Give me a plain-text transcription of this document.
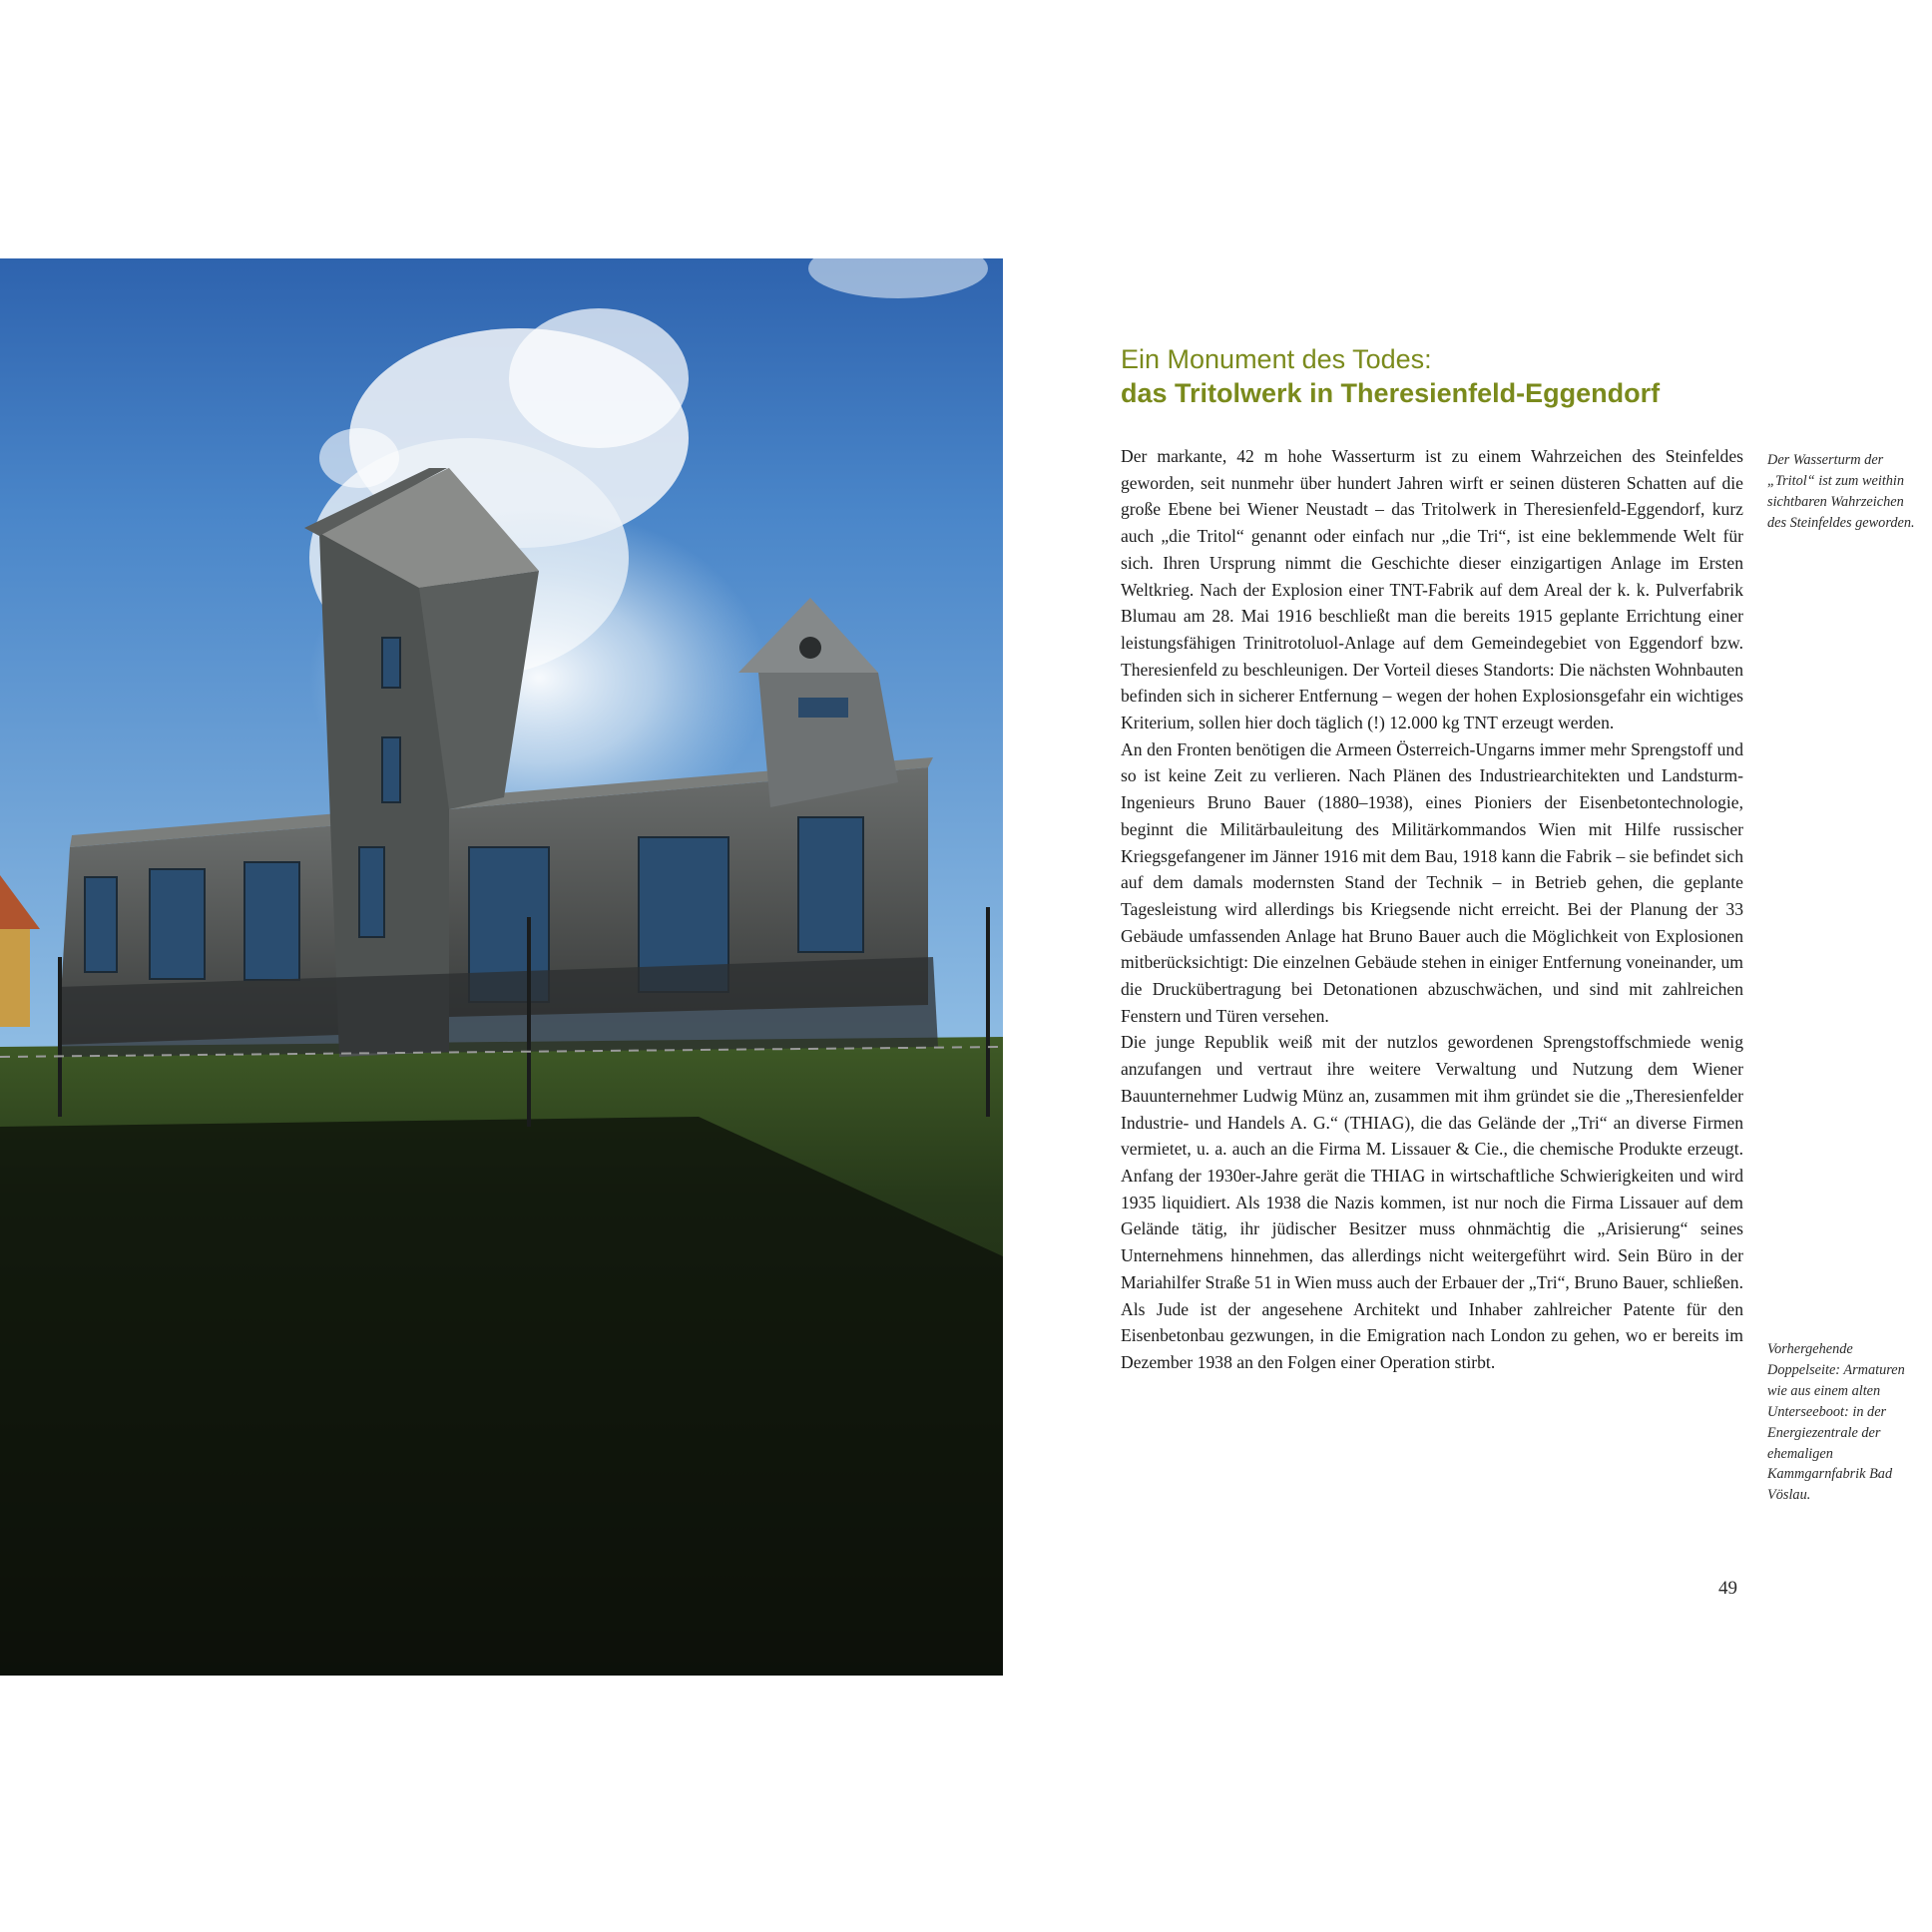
Ein Monument des Todes:
das Tritolwerk in Theresienfeld-Eggendorf

Der markante, 42 m hohe Wasserturm ist zu einem Wahrzeichen des Steinfeldes geworden, seit nunmehr über hundert Jahren wirft er seinen düsteren Schatten auf die große Ebene bei Wiener Neustadt – das Tritolwerk in Theresienfeld-Eggendorf, kurz auch „die Tritol“ genannt oder einfach nur „die Tri“, ist eine beklemmende Welt für sich. Ihren Ursprung nimmt die Geschichte dieser einzigartigen Anlage im Ersten Weltkrieg. Nach der Explosion einer TNT-Fabrik auf dem Areal der k. k. Pulverfabrik Blumau am 28. Mai 1916 beschließt man die bereits 1915 geplante Errichtung einer leistungsfähigen Trinitrotoluol-Anlage auf dem Gemeindegebiet von Eggendorf bzw. Theresienfeld zu beschleunigen. Der Vorteil dieses Standorts: Die nächsten Wohnbauten befinden sich in sicherer Entfernung – wegen der hohen Explosionsgefahr ein wichtiges Kriterium, sollen hier doch täglich (!) 12.000 kg TNT erzeugt werden.

An den Fronten benötigen die Armeen Österreich-Ungarns immer mehr Sprengstoff und so ist keine Zeit zu verlieren. Nach Plänen des Industriearchitekten und Landsturm-Ingenieurs Bruno Bauer (1880–1938), eines Pioniers der Eisenbetontechnologie, beginnt die Militärbauleitung des Militärkommandos Wien mit Hilfe russischer Kriegsgefangener im Jänner 1916 mit dem Bau, 1918 kann die Fabrik – sie befindet sich auf dem damals modernsten Stand der Technik – in Betrieb gehen, die geplante Tagesleistung wird allerdings bis Kriegsende nicht erreicht. Bei der Planung der 33 Gebäude umfassenden Anlage hat Bruno Bauer auch die Möglichkeit von Explosionen mitberücksichtigt: Die einzelnen Gebäude stehen in einiger Entfernung voneinander, um die Druckübertragung bei Detonationen abzuschwächen, und sind mit zahlreichen Fenstern und Türen versehen.

Die junge Republik weiß mit der nutzlos gewordenen Sprengstoffschmiede wenig anzufangen und vertraut ihre weitere Verwaltung und Nutzung dem Wiener Bauunternehmer Ludwig Münz an, zusammen mit ihm gründet sie die „Theresienfelder Industrie- und Handels A. G.“ (THIAG), die das Gelände der „Tri“ an diverse Firmen vermietet, u. a. auch an die Firma M. Lissauer & Cie., die chemische Produkte erzeugt. Anfang der 1930er-Jahre gerät die THIAG in wirtschaftliche Schwierigkeiten und wird 1935 liquidiert. Als 1938 die Nazis kommen, ist nur noch die Firma Lissauer auf dem Gelände tätig, ihr jüdischer Besitzer muss ohnmächtig die „Arisierung“ seines Unternehmens hinnehmen, das allerdings nicht weitergeführt wird. Sein Büro in der Mariahilfer Straße 51 in Wien muss auch der Erbauer der „Tri“, Bruno Bauer, schließen. Als Jude ist der angesehene Architekt und Inhaber zahlreicher Patente für den Eisenbetonbau gezwungen, in die Emigration nach London zu gehen, wo er bereits im Dezember 1938 an den Folgen einer Operation stirbt.

Der Wasserturm der „Tritol“ ist zum weithin sichtbaren Wahrzeichen des Steinfeldes geworden.
Vorhergehende Doppelseite: Armaturen wie aus einem alten Unterseeboot: in der Energiezentrale der ehemaligen Kammgarnfabrik Bad Vöslau.
49
